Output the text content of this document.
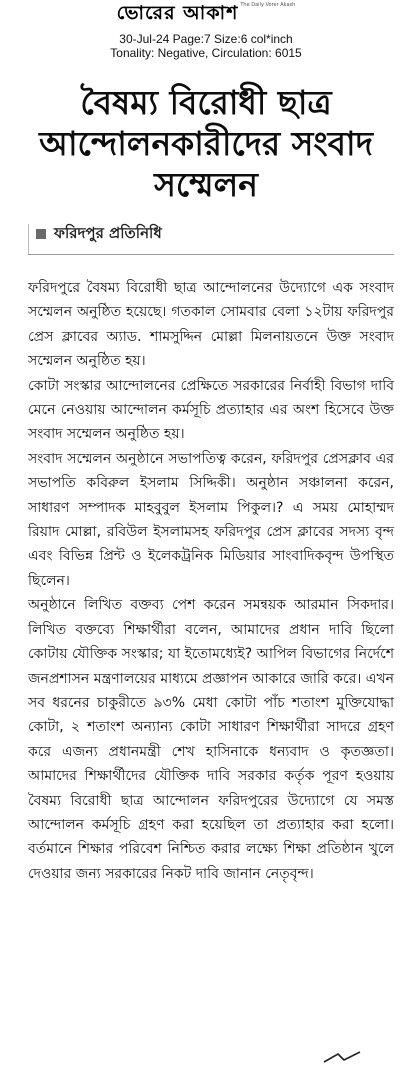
ভোরের আকাশ $^{The Daily Vorer Akash}$
30-Jul-24 Page:7 Size:6 col*inch
Tonality: Negative, Circulation: 6015
বৈষম্য বিরোধী ছাত্র আন্দোলনকারীদের সংবাদ সম্মেলন
ফরিদপুর প্রতিনিধি

ফরিদপুরে বৈষম্য বিরোধী ছাত্র আন্দোলনের উদ্যোগে এক সংবাদ সম্মেলন অনুষ্ঠিত হয়েছে। গতকাল সোমবার বেলা ১২টায় ফরিদপুর প্রেস ক্লাবের অ্যাড. শামসুদ্দিন মোল্লা মিলনায়তনে উক্ত সংবাদ সম্মেলন অনুষ্ঠিত হয়।

কোটা সংস্কার আন্দোলনের প্রেক্ষিতে সরকারের নির্বাহী বিভাগ দাবি মেনে নেওয়ায় আন্দোলন কর্মসূচি প্রত্যাহার এর অংশ হিসেবে উক্ত সংবাদ সম্মেলন অনুষ্ঠিত হয়।

সংবাদ সম্মেলন অনুষ্ঠানে সভাপতিত্ব করেন, ফরিদপুর প্রেসক্লাব এর সভাপতি কবিরুল ইসলাম সিদ্দিকী। অনুষ্ঠান সঞ্চালনা করেন, সাধারণ সম্পাদক মাহবুবুল ইসলাম পিকুল।? এ সময় মোহাম্মদ রিয়াদ মোল্লা, রবিউল ইসলামসহ ফরিদপুর প্রেস ক্লাবের সদস্য বৃন্দ এবং বিভিন্ন প্রিন্ট ও ইলেকট্রনিক মিডিয়ার সাংবাদিকবৃন্দ উপস্থিত ছিলেন।

অনুষ্ঠানে লিখিত বক্তব্য পেশ করেন সমন্বয়ক আরমান সিকদার। লিখিত বক্তব্যে শিক্ষার্থীরা বলেন, আমাদের প্রধান দাবি ছিলো কোটায় যৌক্তিক সংস্কার; যা ইতোমধ্যেই? আপিল বিভাগের নির্দেশে জনপ্রশাসন মন্ত্রণালয়ের মাধ্যমে প্রজ্ঞাপন আকারে জারি করে। এখন সব ধরনের চাকুরীতে ৯৩% মেধা কোটা পাঁচ শতাংশ মুক্তিযোদ্ধা কোটা, ২ শতাংশ অন্যান্য কোটা সাধারণ শিক্ষার্থীরা সাদরে গ্রহণ করে এজন্য প্রধানমন্ত্রী শেখ হাসিনাকে ধন্যবাদ ও কৃতজ্ঞতা। আমাদের শিক্ষার্থীদের যৌক্তিক দাবি সরকার কর্তৃক পূরণ হওয়ায় বৈষম্য বিরোধী ছাত্র আন্দোলন ফরিদপুরের উদ্যোগে যে সমস্ত আন্দোলন কর্মসূচি গ্রহণ করা হয়েছিল তা প্রত্যাহার করা হলো। বর্তমানে শিক্ষার পরিবেশ নিশ্চিত করার লক্ষ্যে শিক্ষা প্রতিষ্ঠান খুলে দেওয়ার জন্য সরকারের নিকট দাবি জানান নেতৃবৃন্দ।
